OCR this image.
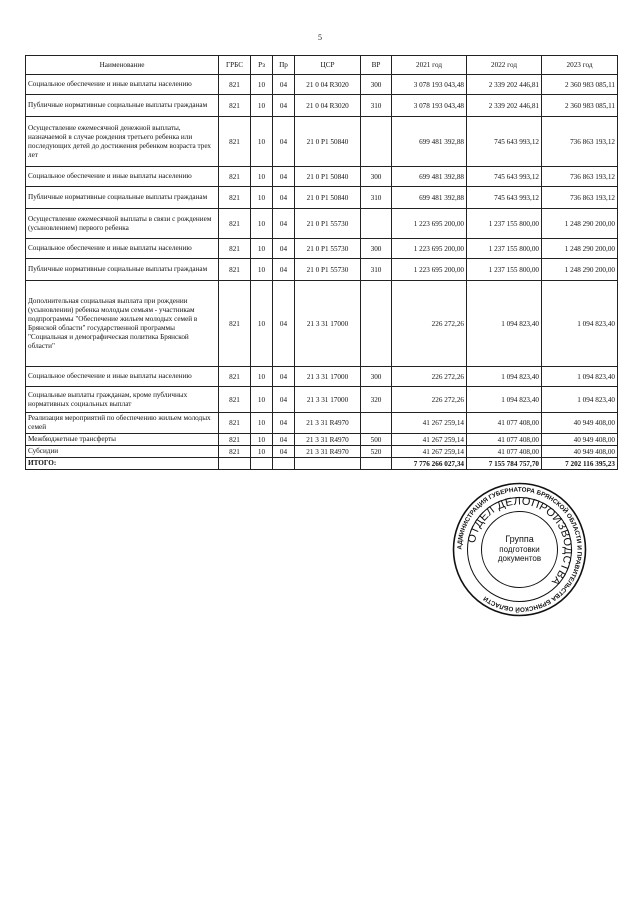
5
Наименование	ГРБС	Рз	Пр	ЦСР	ВР	2021 год	2022 год	2023 год
Социальное обеспечение и иные выплаты населению	821	10	04	21 0 04 R3020	300	3 078 193 043,48	2 339 202 446,81	2 360 983 085,11
Публичные нормативные социальные выплаты гражданам	821	10	04	21 0 04 R3020	310	3 078 193 043,48	2 339 202 446,81	2 360 983 085,11
Осуществление ежемесячной денежной выплаты, назначаемой в случае рождения третьего ребенка или последующих детей до достижения ребенком возраста трех лет	821	10	04	21 0 P1 50840		699 481 392,88	745 643 993,12	736 863 193,12
Социальное обеспечение и иные выплаты населению	821	10	04	21 0 P1 50840	300	699 481 392,88	745 643 993,12	736 863 193,12
Публичные нормативные социальные выплаты гражданам	821	10	04	21 0 P1 50840	310	699 481 392,88	745 643 993,12	736 863 193,12
Осуществление ежемесячной выплаты в связи с рождением (усыновлением) первого ребенка	821	10	04	21 0 P1 55730		1 223 695 200,00	1 237 155 800,00	1 248 290 200,00
Социальное обеспечение и иные выплаты населению	821	10	04	21 0 P1 55730	300	1 223 695 200,00	1 237 155 800,00	1 248 290 200,00
Публичные нормативные социальные выплаты гражданам	821	10	04	21 0 P1 55730	310	1 223 695 200,00	1 237 155 800,00	1 248 290 200,00
Дополнительная социальная выплата при рождении (усыновлении) ребенка молодым семьям - участникам подпрограммы "Обеспечение жильем молодых семей в Брянской области" государственной программы "Социальная и демографическая политика Брянской области"	821	10	04	21 3 31 17000		226 272,26	1 094 823,40	1 094 823,40
Социальное обеспечение и иные выплаты населению	821	10	04	21 3 31 17000	300	226 272,26	1 094 823,40	1 094 823,40
Социальные выплаты гражданам, кроме публичных нормативных социальных выплат	821	10	04	21 3 31 17000	320	226 272,26	1 094 823,40	1 094 823,40
Реализация мероприятий по обеспечению жильем молодых семей	821	10	04	21 3 31 R4970		41 267 259,14	41 077 408,00	40 949 408,00
Межбюджетные трансферты	821	10	04	21 3 31 R4970	500	41 267 259,14	41 077 408,00	40 949 408,00
Субсидии	821	10	04	21 3 31 R4970	520	41 267 259,14	41 077 408,00	40 949 408,00
ИТОГО:						7 776 266 027,34	7 155 784 757,70	7 202 116 395,23
АДМИНИСТРАЦИЯ ГУБЕРНАТОРА БРЯНСКОЙ ОБЛАСТИ И ПРАВИТЕЛЬСТВА БРЯНСКОЙ ОБЛАСТИ
ОТДЕЛ ДЕЛОПРОИЗВОДСТВА
Группа
подготовки
документов
